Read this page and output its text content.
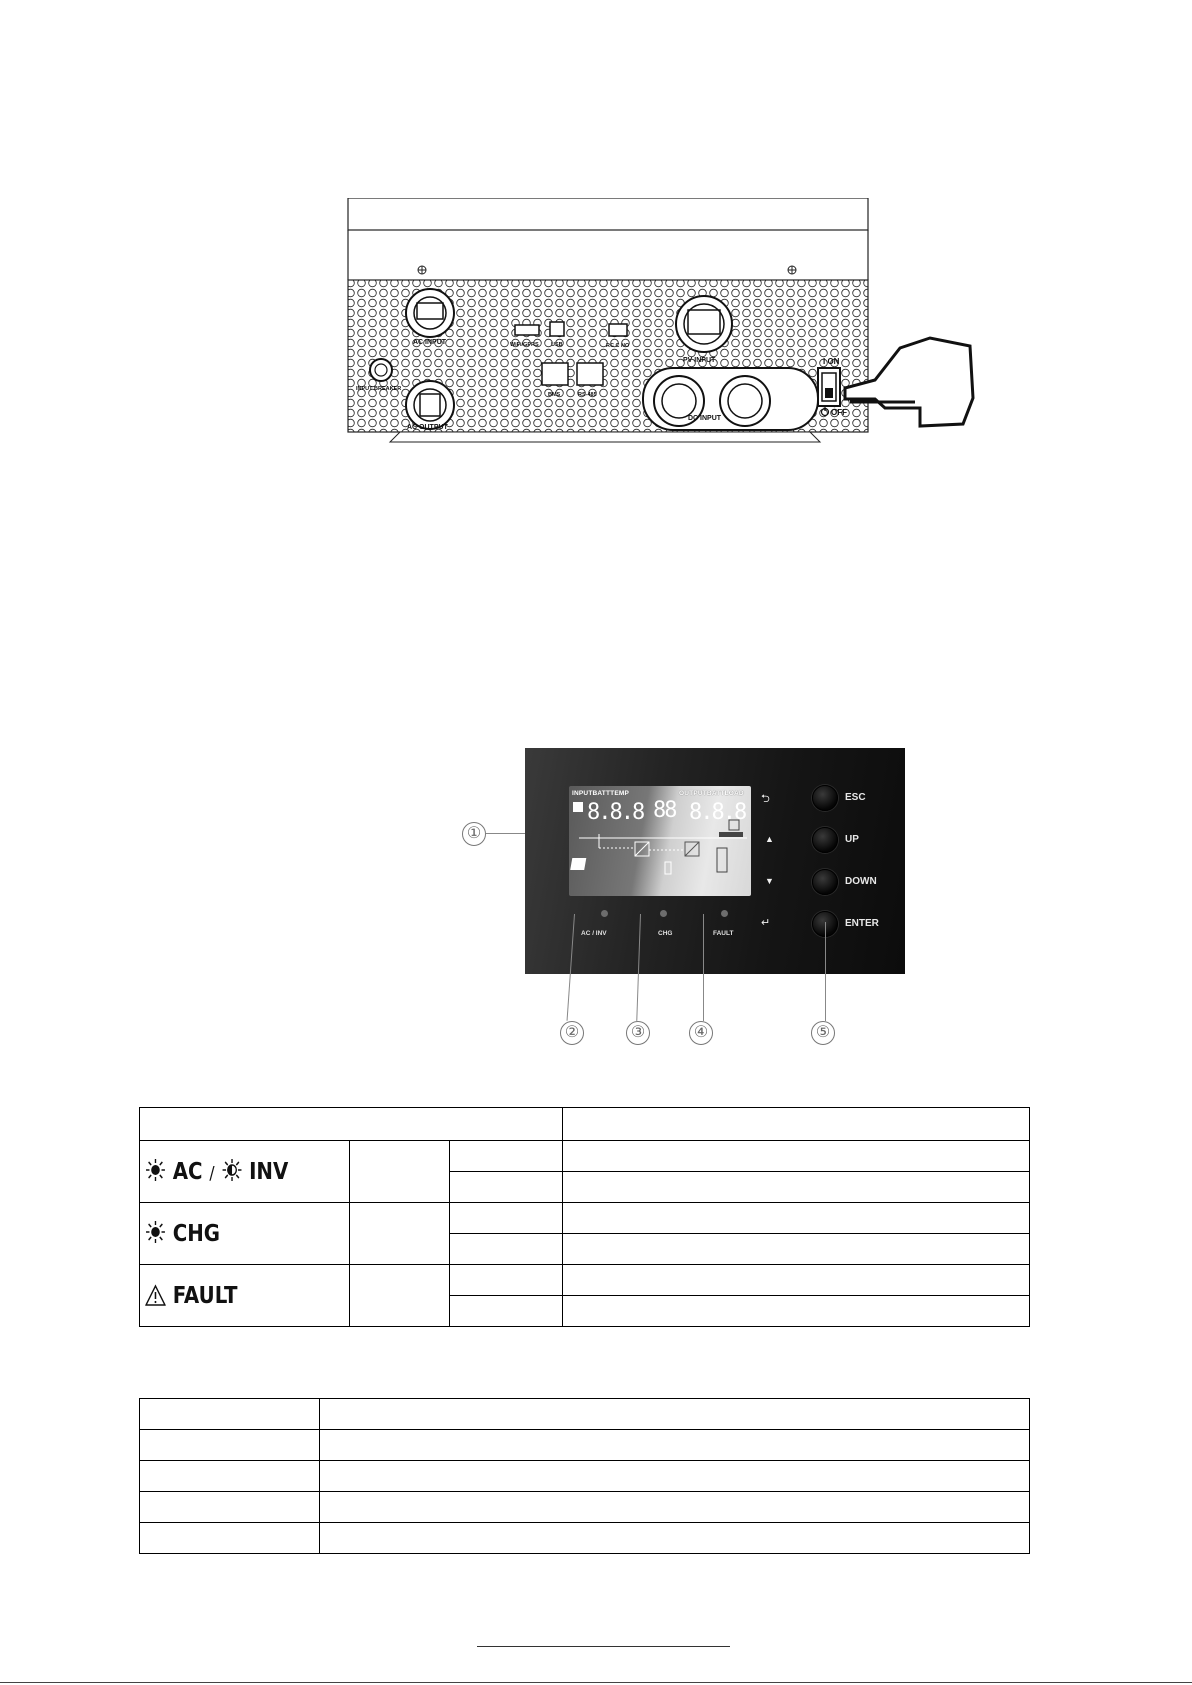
AC INPUT
AC OUTPUT
INPUT BREAKER
WiFi/GPRS USB	RC C NO
BMS	RS-485
PV INPUT
DC INPUT
I ON
OFF
①
INPUTBATTTEMP	OUTPUTBATTLOAD
8.8.8 88 8.8.8
⮌	ESC
▲	UP
▼	DOWN
↵	ENTER
AC / INV	CHG	FAULT
②	③	④	⑤

AC / INV			

CHG			

FAULT			
